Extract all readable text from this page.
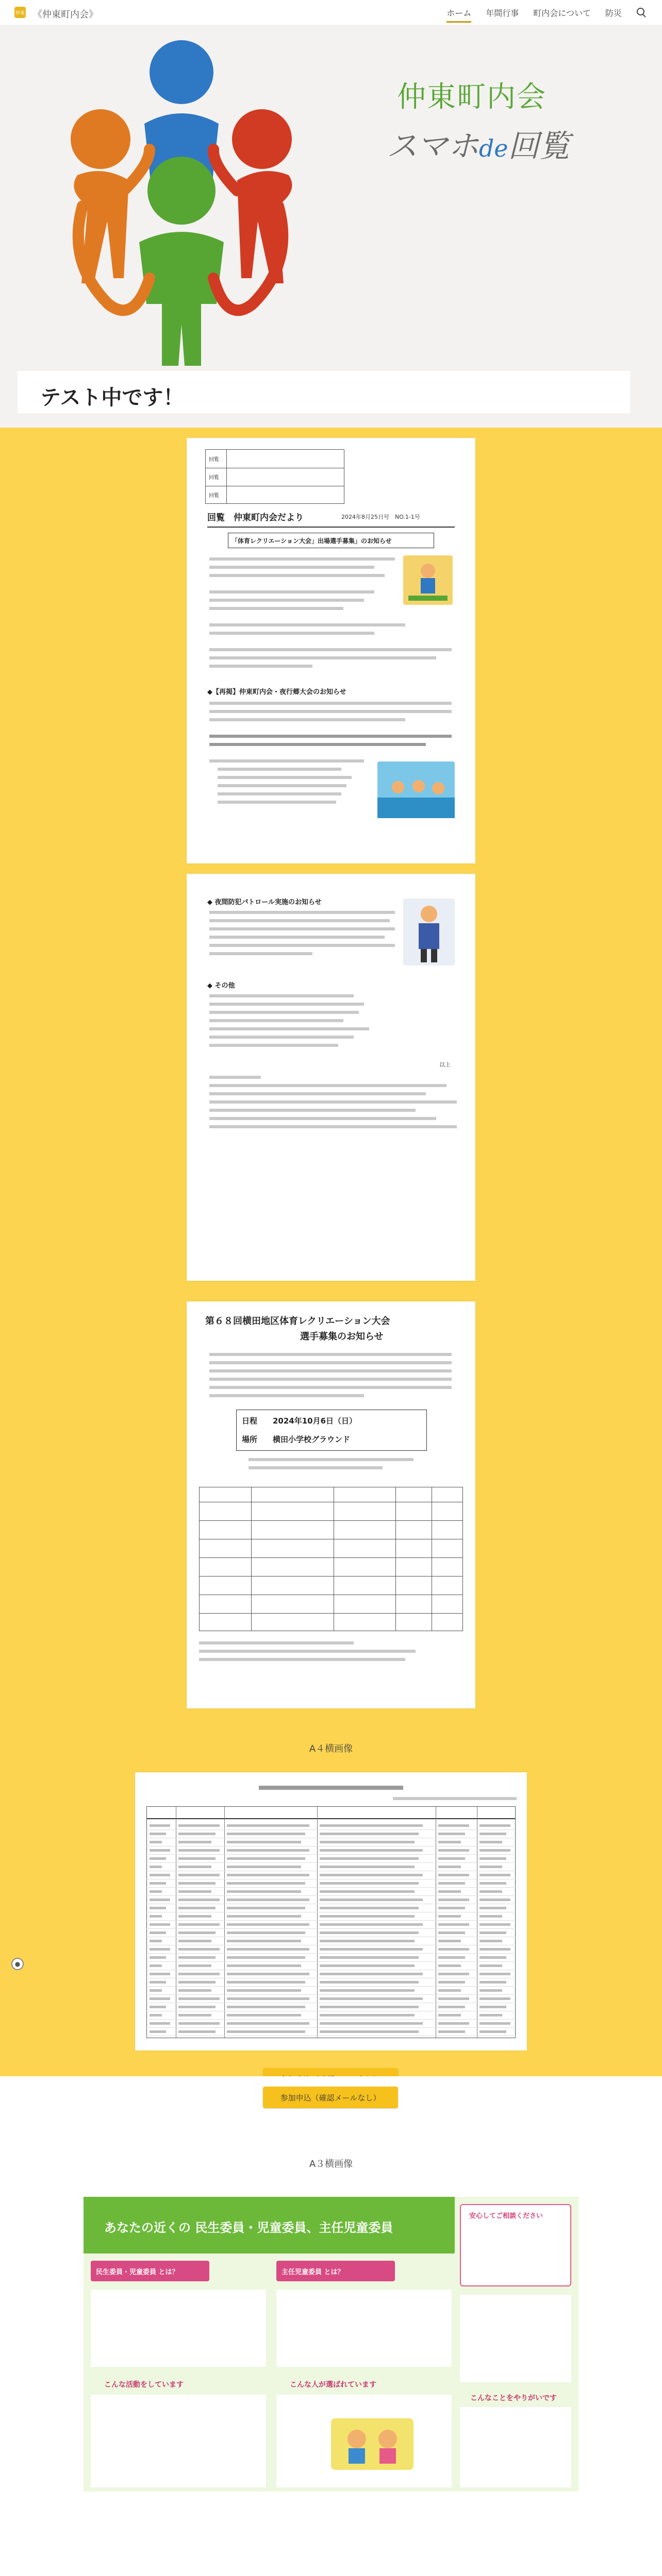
仲東 《仲東町内会》	ホーム 年間行事 町内会について 防災
仲東町内会
スマホde回覧
テスト中です！
回覧
回覧
回覧
回覧　仲東町内会だより	2024年8月25日号　NO.1-1号
「体育レクリエーション大会」出場選手募集」のお知らせ
◆【再掲】仲東町内会・夜行郷大会のお知らせ
◆ 夜間防犯パトロール実施のお知らせ
◆ その他
以上
第６８回横田地区体育レクリエーション大会
選手募集のお知らせ
日程 2024年10月6日（日）
場所 横田小学校グラウンド
A４横画像
参加申込（確認メールなし）
A３横画像
あなたの近くの 民生委員・児童委員、主任児童委員
安心してご相談ください
民生委員・児童委員 とは？	主任児童委員 とは？
こんな活動をしています	こんな人が選ばれています
こんなことをやりがいです
●
